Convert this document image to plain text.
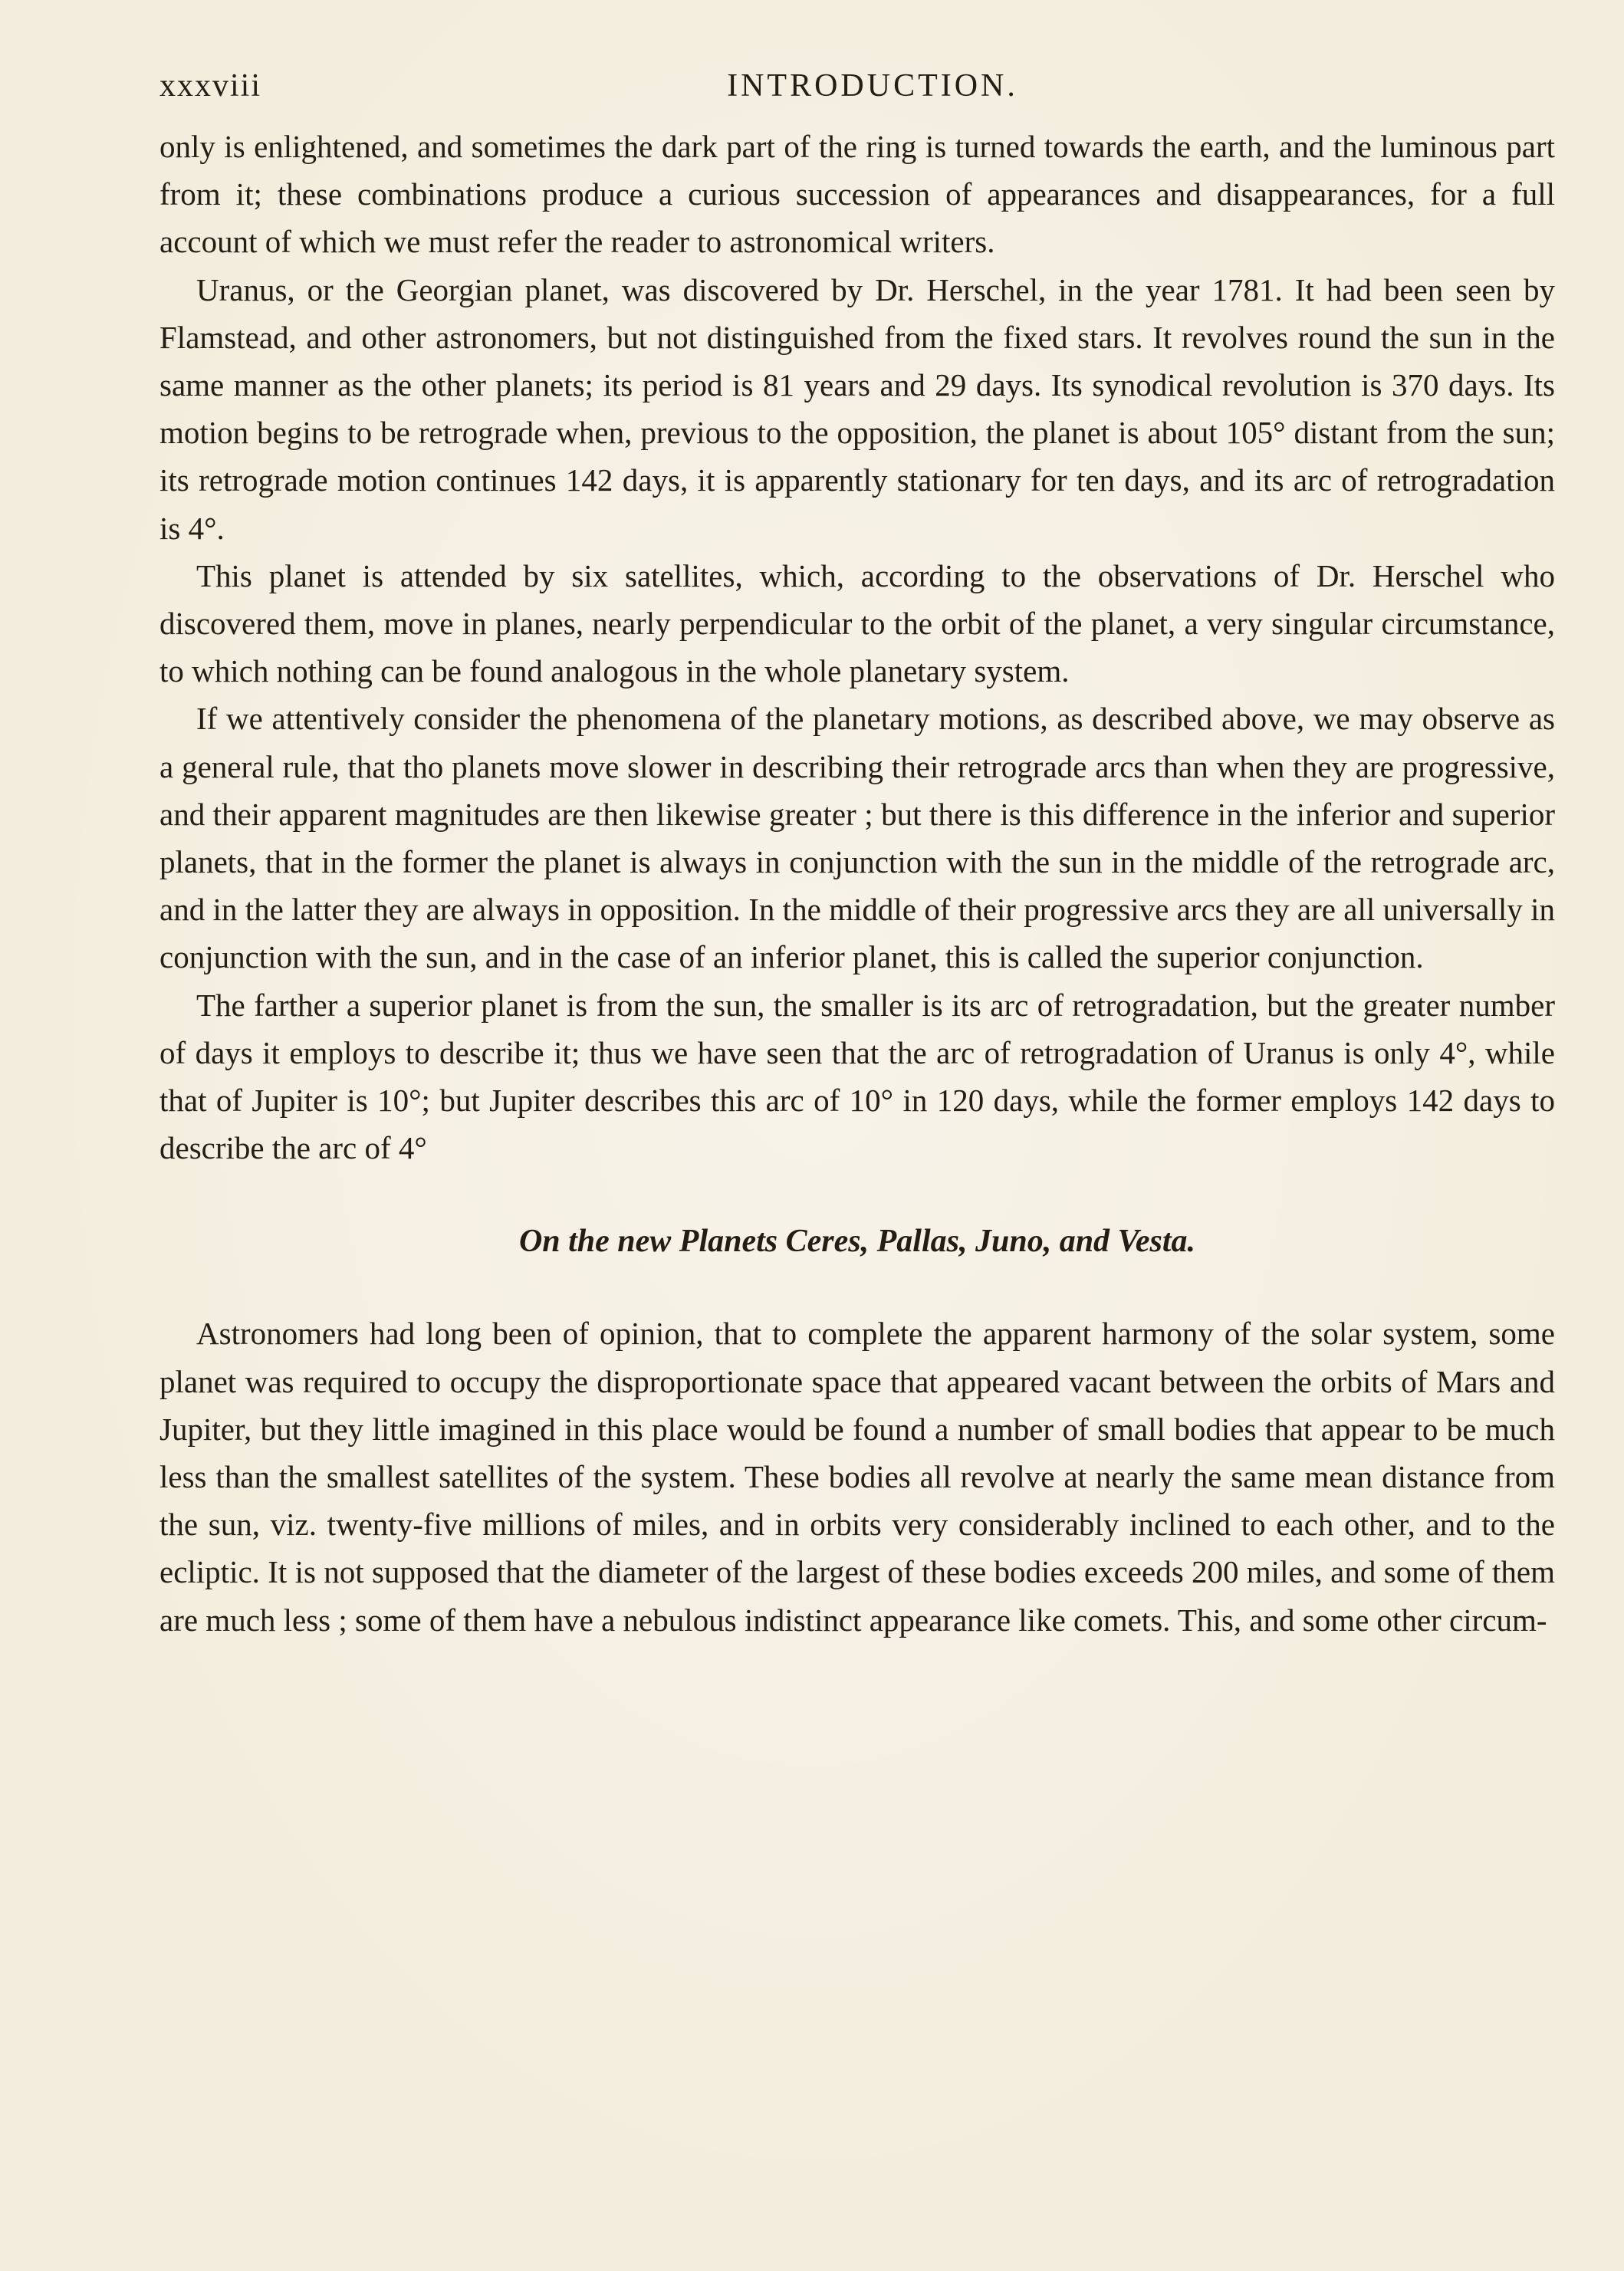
xxxviii	INTRODUCTION.

only is enlightened, and sometimes the dark part of the ring is turned towards the earth, and the luminous part from it; these combinations produce a curious succession of appearances and disappearances, for a full account of which we must refer the reader to astronomical writers.

Uranus, or the Georgian planet, was discovered by Dr. Herschel, in the year 1781. It had been seen by Flamstead, and other astronomers, but not distinguished from the fixed stars. It revolves round the sun in the same manner as the other planets; its period is 81 years and 29 days. Its synodical revolution is 370 days. Its motion begins to be retrograde when, previous to the opposition, the planet is about 105° distant from the sun; its retrograde motion continues 142 days, it is apparently stationary for ten days, and its arc of retrogradation is 4°.

This planet is attended by six satellites, which, according to the observations of Dr. Herschel who discovered them, move in planes, nearly perpendicular to the orbit of the planet, a very singular circumstance, to which nothing can be found analogous in the whole planetary system.

If we attentively consider the phenomena of the planetary motions, as described above, we may observe as a general rule, that tho planets move slower in describing their retrograde arcs than when they are progressive, and their apparent magnitudes are then likewise greater ; but there is this difference in the inferior and superior planets, that in the former the planet is always in conjunction with the sun in the middle of the retrograde arc, and in the latter they are always in opposition. In the middle of their progressive arcs they are all universally in conjunction with the sun, and in the case of an inferior planet, this is called the superior conjunction.

The farther a superior planet is from the sun, the smaller is its arc of retrogradation, but the greater number of days it employs to describe it; thus we have seen that the arc of retrogradation of Uranus is only 4°, while that of Jupiter is 10°; but Jupiter describes this arc of 10° in 120 days, while the former employs 142 days to describe the arc of 4°

On the new Planets Ceres, Pallas, Juno, and Vesta.

Astronomers had long been of opinion, that to complete the apparent harmony of the solar system, some planet was required to occupy the disproportionate space that appeared vacant between the orbits of Mars and Jupiter, but they little imagined in this place would be found a number of small bodies that appear to be much less than the smallest satellites of the system. These bodies all revolve at nearly the same mean distance from the sun, viz. twenty-five millions of miles, and in orbits very considerably inclined to each other, and to the ecliptic. It is not supposed that the diameter of the largest of these bodies exceeds 200 miles, and some of them are much less ; some of them have a nebulous indistinct appearance like comets. This, and some other circum-
